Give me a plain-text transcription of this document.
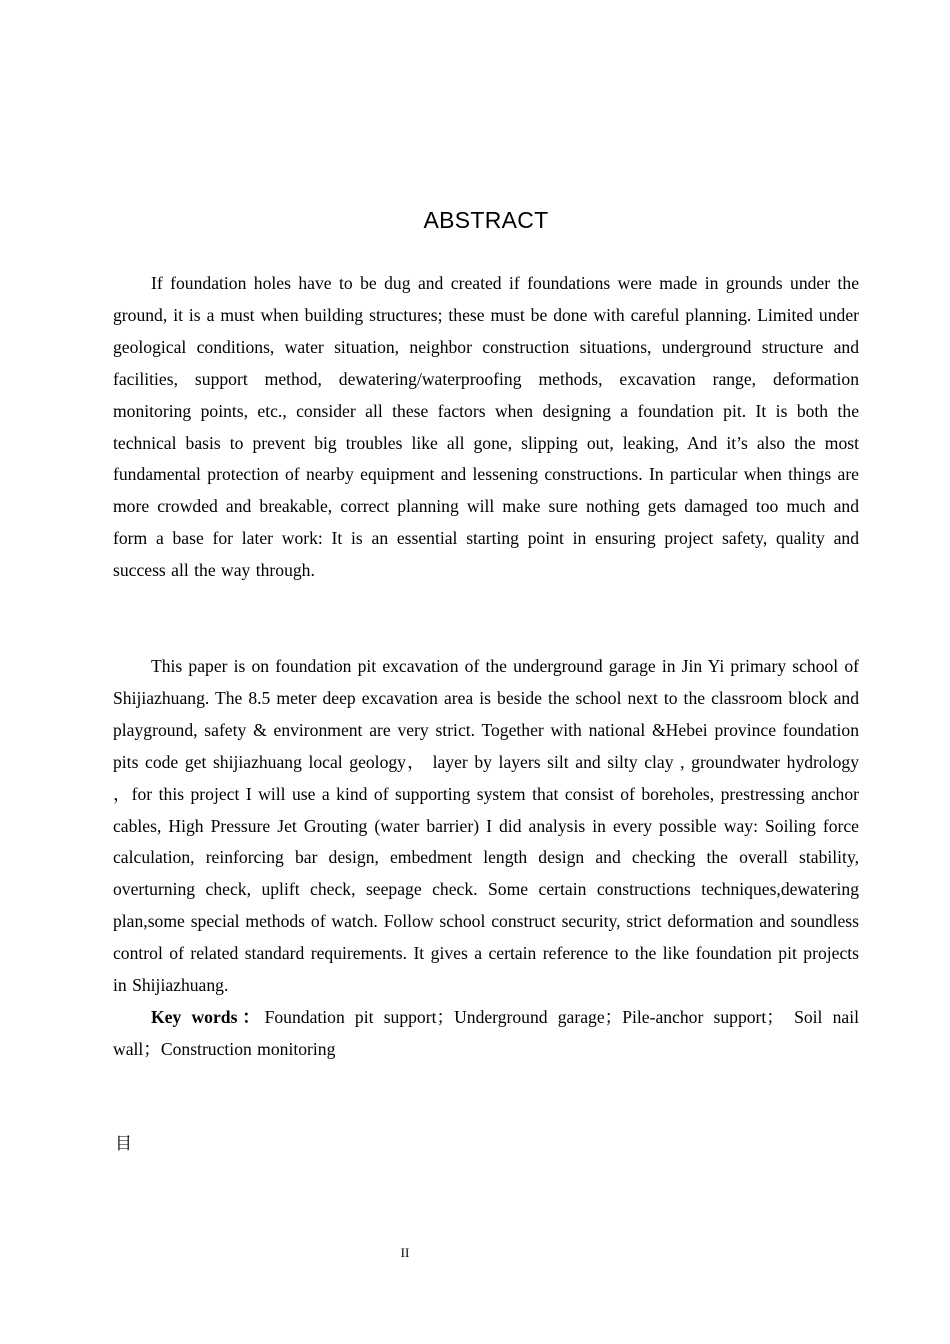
ABSTRACT

If foundation holes have to be dug and created if foundations were made in grounds under the ground, it is a must when building structures; these must be done with careful planning. Limited under geological conditions, water situation, neighbor construction situations, underground structure and facilities, support method, dewatering/waterproofing methods, excavation range, deformation monitoring points, etc., consider all these factors when designing a foundation pit. It is both the technical basis to prevent big troubles like all gone, slipping out, leaking, And it’s also the most fundamental protection of nearby equipment and lessening constructions. In particular when things are more crowded and breakable, correct planning will make sure nothing gets damaged too much and form a base for later work: It is an essential starting point in ensuring project safety, quality and success all the way through.

This paper is on foundation pit excavation of the underground garage in Jin Yi primary school of Shijiazhuang. The 8.5 meter deep excavation area is beside the school next to the classroom block and playground, safety & environment are very strict. Together with national &Hebei province foundation pits code get shijiazhuang local geology， layer by layers silt and silty clay , groundwater hydrology ，for this project I will use a kind of supporting system that consist of boreholes, prestressing anchor cables, High Pressure Jet Grouting (water barrier) I did analysis in every possible way: Soiling force calculation, reinforcing bar design, embedment length design and checking the overall stability, overturning check, uplift check, seepage check. Some certain constructions techniques,dewatering plan,some special methods of watch. Follow school construct security, strict deformation and soundless control of related standard requirements. It gives a certain reference to the like foundation pit projects in Shijiazhuang.

Key words：Foundation pit support；Underground garage；Pile-anchor support； Soil nail wall；Construction monitoring

目
II
